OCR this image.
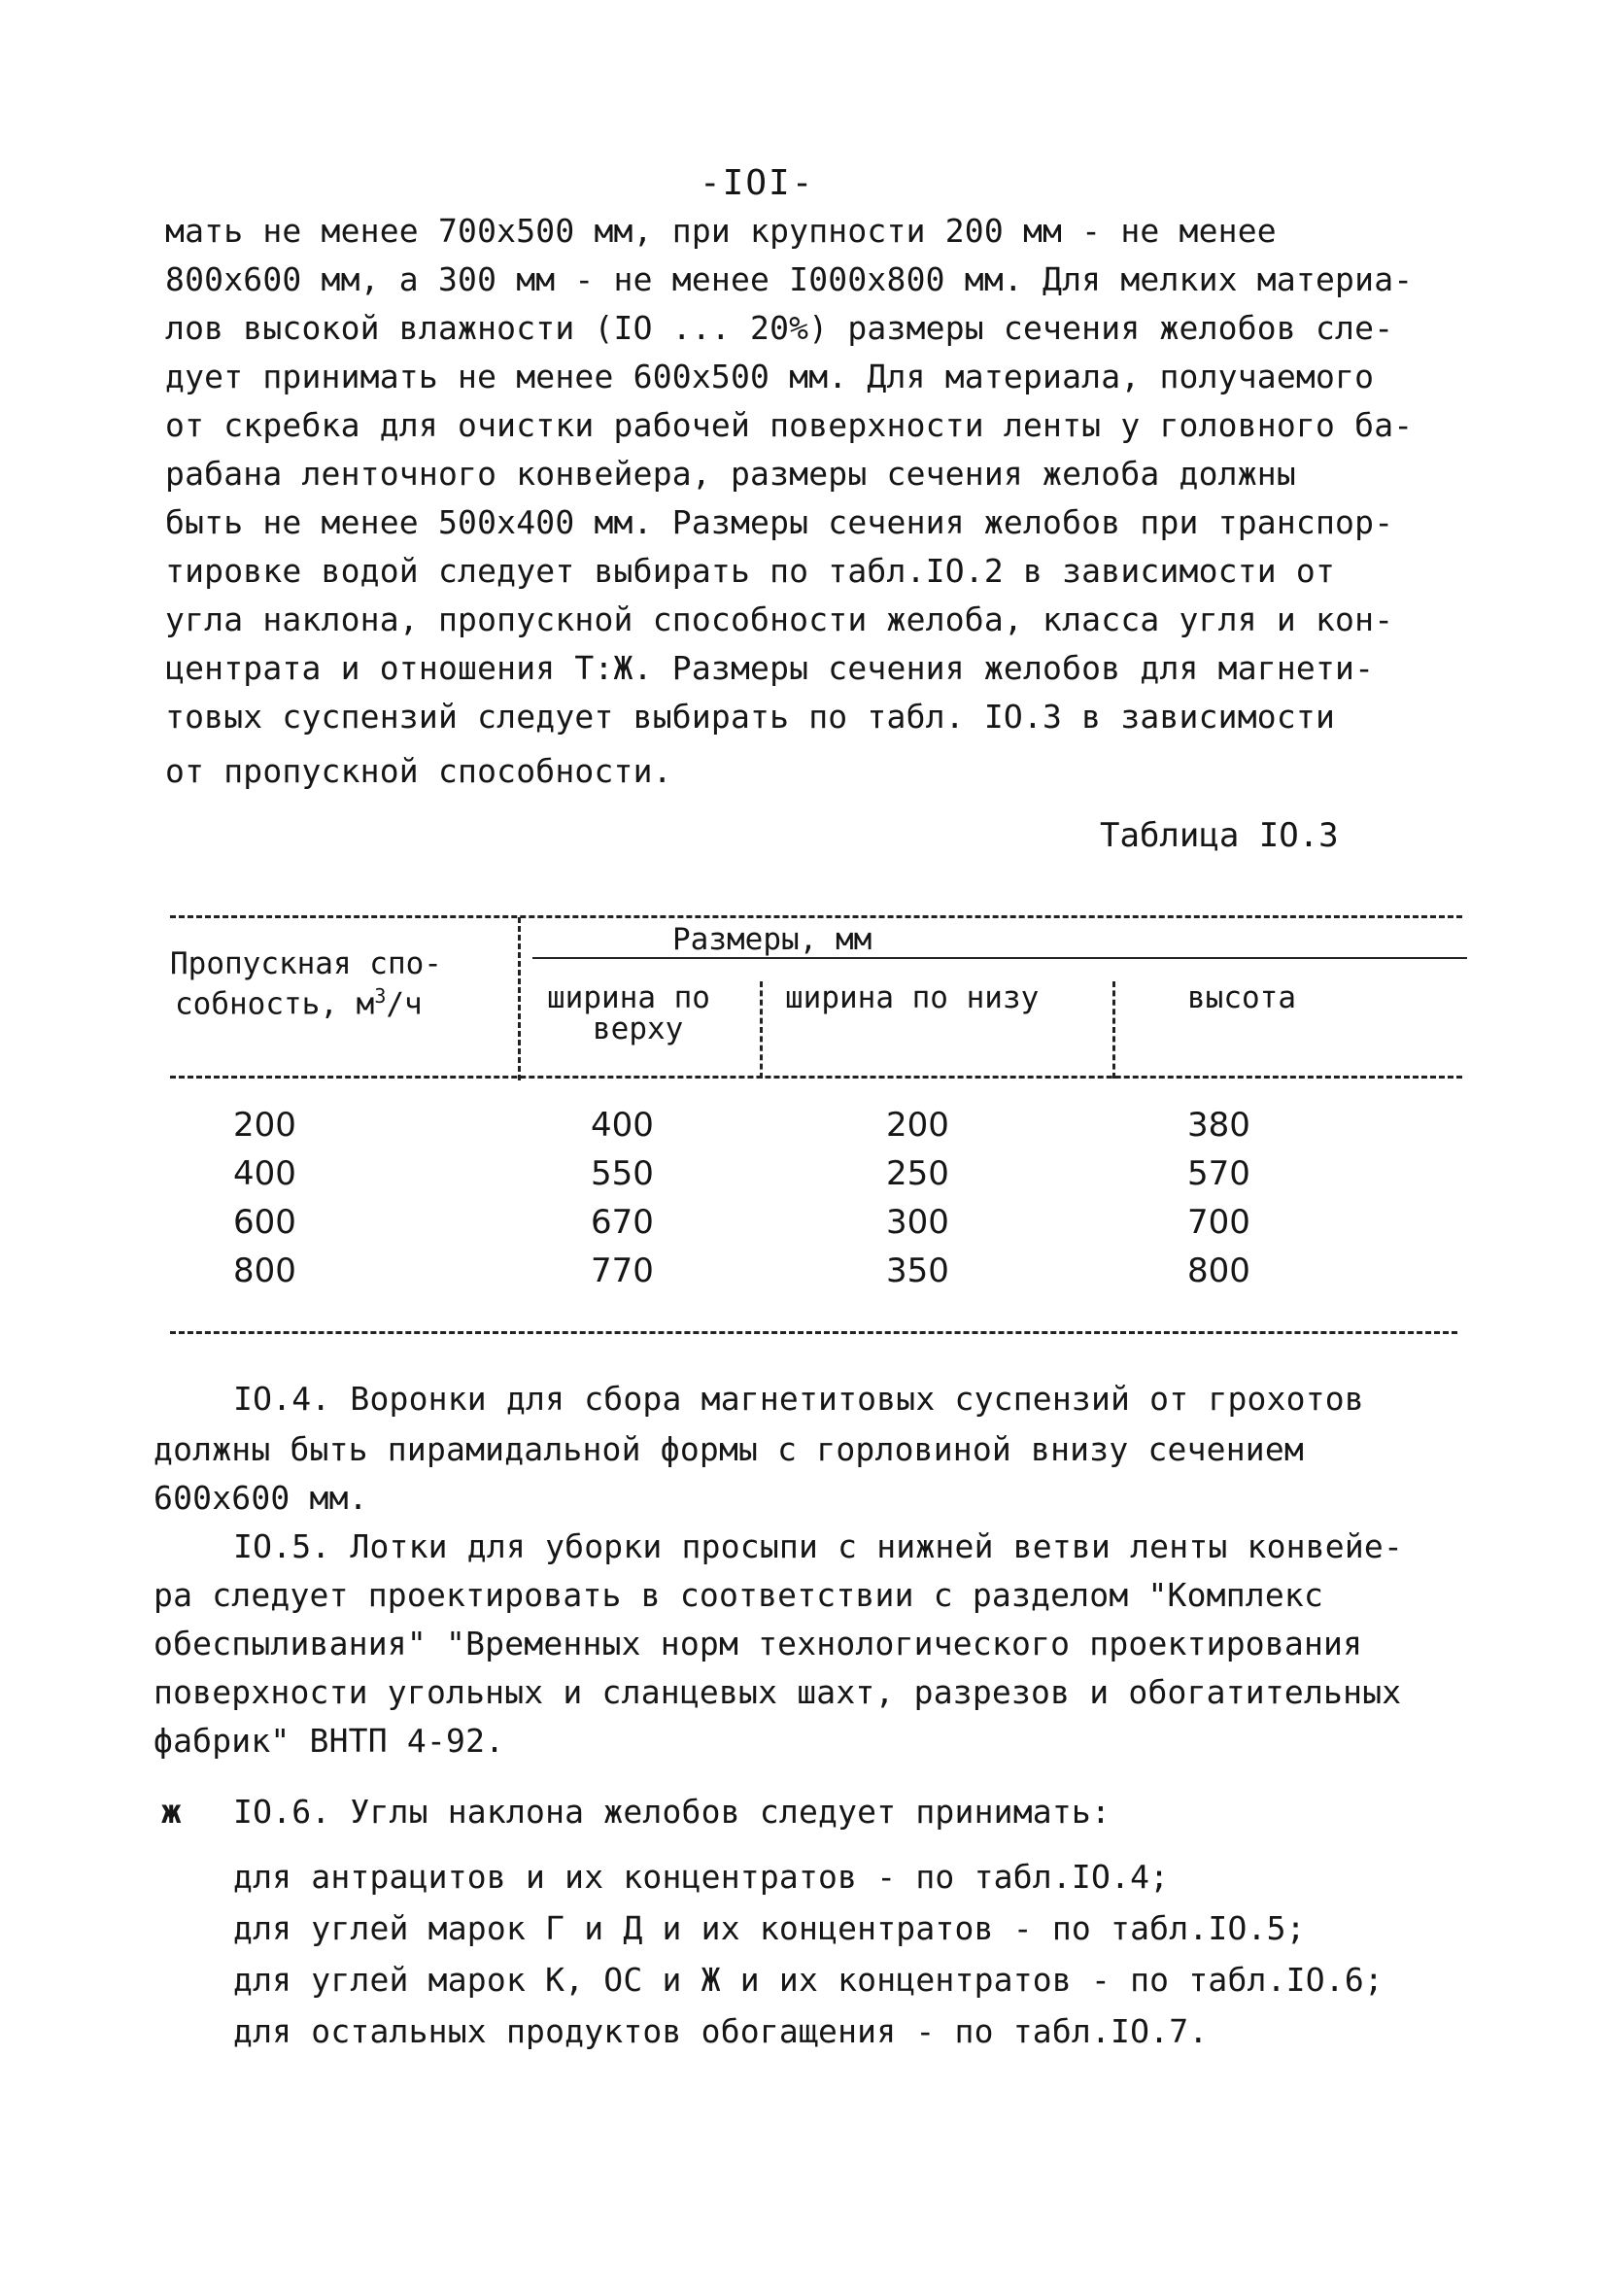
-IOI-
мать не менее 700x500 мм, при крупности 200 мм - не менее
800x600 мм, а 300 мм - не менее I000x800 мм. Для мелких материа-
лов высокой влажности (IO ... 20%) размеры сечения желобов сле-
дует принимать не менее 600x500 мм. Для материала, получаемого
от скребка для очистки рабочей поверхности ленты у головного ба-
рабана ленточного конвейера, размеры сечения желоба должны
быть не менее 500x400 мм. Размеры сечения желобов при транспор-
тировке водой следует выбирать по табл.IO.2 в зависимости от
угла наклона, пропускной способности желоба, класса угля и кон-
центрата и отношения Т:Ж. Размеры сечения желобов для магнети-
товых суспензий следует выбирать по табл. IO.3 в зависимости
от пропускной способности.
Таблица IO.3
Пропускная спо-
собность, $м^3/ч$
Размеры, мм
ширина по
верху
ширина по низу	высота
200	400	200	380
400	550	250	570
600	670	300	700
800	770	350	800
IO.4. Воронки для сбора магнетитовых суспензий от грохотов
должны быть пирамидальной формы с горловиной внизу сечением
600x600 мм.
IO.5. Лотки для уборки просыпи с нижней ветви ленты конвейе-
ра следует проектировать в соответствии с разделом "Комплекс
обеспыливания" "Временных норм технологического проектирования
поверхности угольных и сланцевых шахт, разрезов и обогатительных
фабрик" ВНТП 4-92.
ж IO.6. Углы наклона желобов следует принимать:
для антрацитов и их концентратов - по табл.IO.4;
для углей марок Г и Д и их концентратов - по табл.IO.5;
для углей марок К, ОС и Ж и их концентратов - по табл.IO.6;
для остальных продуктов обогащения - по табл.IO.7.
